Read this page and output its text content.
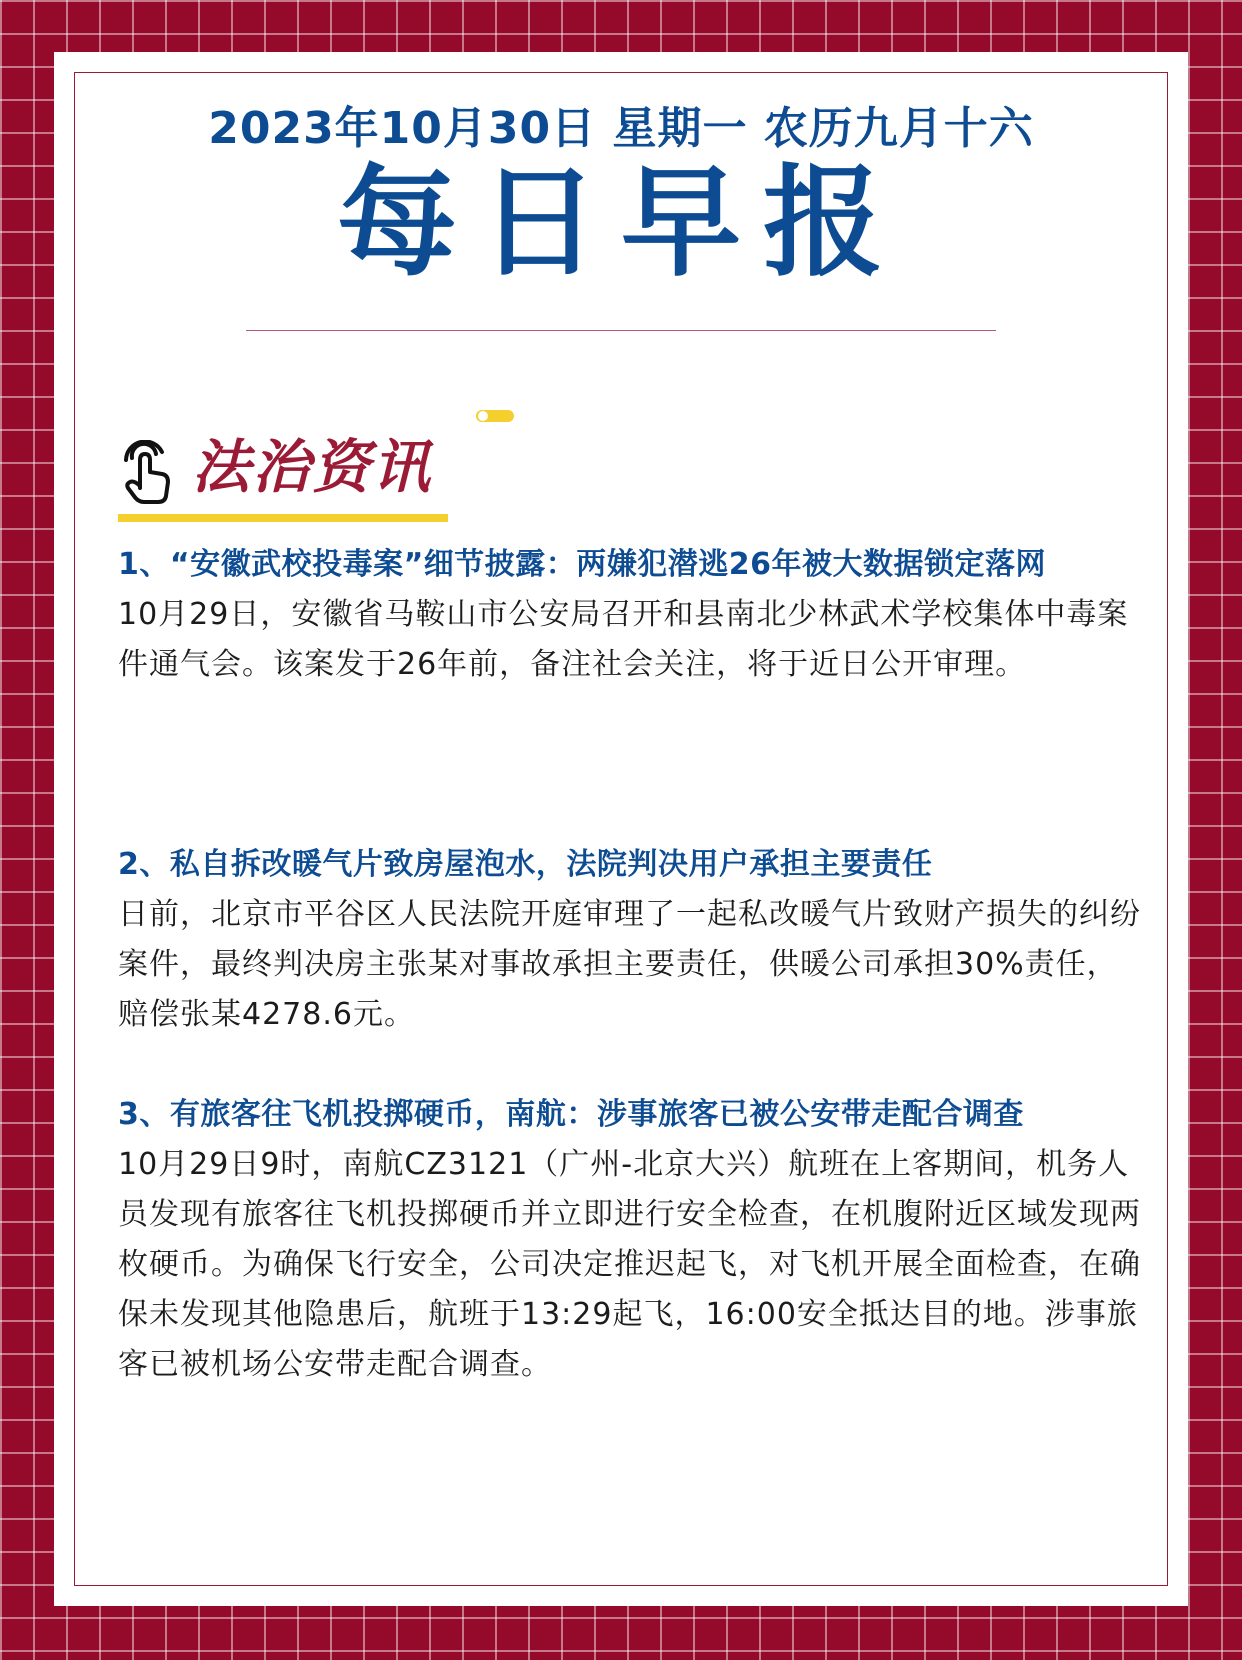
2023年10月30日 星期一 农历九月十六
每日早报
法治资讯
1、“安徽武校投毒案”细节披露：两嫌犯潜逃26年被大数据锁定落网
10月29日，安徽省马鞍山市公安局召开和县南北少林武术学校集体中毒案件通气会。该案发于26年前，备注社会关注，将于近日公开审理。
2、私自拆改暖气片致房屋泡水，法院判决用户承担主要责任
日前，北京市平谷区人民法院开庭审理了一起私改暖气片致财产损失的纠纷案件，最终判决房主张某对事故承担主要责任，供暖公司承担30%责任，赔偿张某4278.6元。
3、有旅客往飞机投掷硬币，南航：涉事旅客已被公安带走配合调查
10月29日9时，南航CZ3121（广州-北京大兴）航班在上客期间，机务人员发现有旅客往飞机投掷硬币并立即进行安全检查，在机腹附近区域发现两枚硬币。为确保飞行安全，公司决定推迟起飞，对飞机开展全面检查，在确保未发现其他隐患后，航班于13:29起飞，16:00安全抵达目的地。涉事旅客已被机场公安带走配合调查。
